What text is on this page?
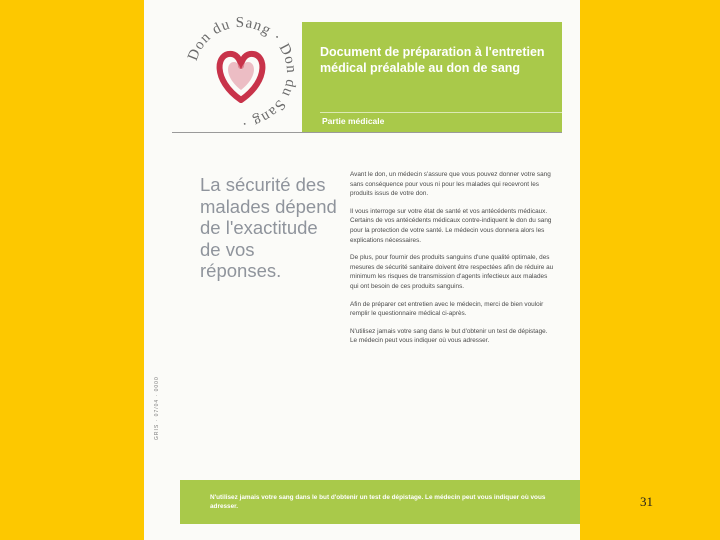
Document de préparation à l'entretien médical préalable au don de sang
Partie médicale
Don du Sang · Don du Sang ·
La sécurité des malades dépend de l'exactitude de vos réponses.

Avant le don, un médecin s'assure que vous pouvez donner votre sang sans conséquence pour vous ni pour les malades qui recevront les produits issus de votre don.

Il vous interroge sur votre état de santé et vos antécédents médicaux. Certains de vos antécédents médicaux contre-indiquent le don du sang pour la protection de votre santé. Le médecin vous donnera alors les explications nécessaires.

De plus, pour fournir des produits sanguins d'une qualité optimale, des mesures de sécurité sanitaire doivent être respectées afin de réduire au minimum les risques de transmission d'agents infectieux aux malades qui ont besoin de ces produits sanguins.

Afin de préparer cet entretien avec le médecin, merci de bien vouloir remplir le questionnaire médical ci-après.

N'utilisez jamais votre sang dans le but d'obtenir un test de dépistage. Le médecin peut vous indiquer où vous adresser.

GRIS · 07/04 · 0000
N'utilisez jamais votre sang dans le but d'obtenir un test de dépistage. Le médecin peut vous indiquer où vous adresser.	31
